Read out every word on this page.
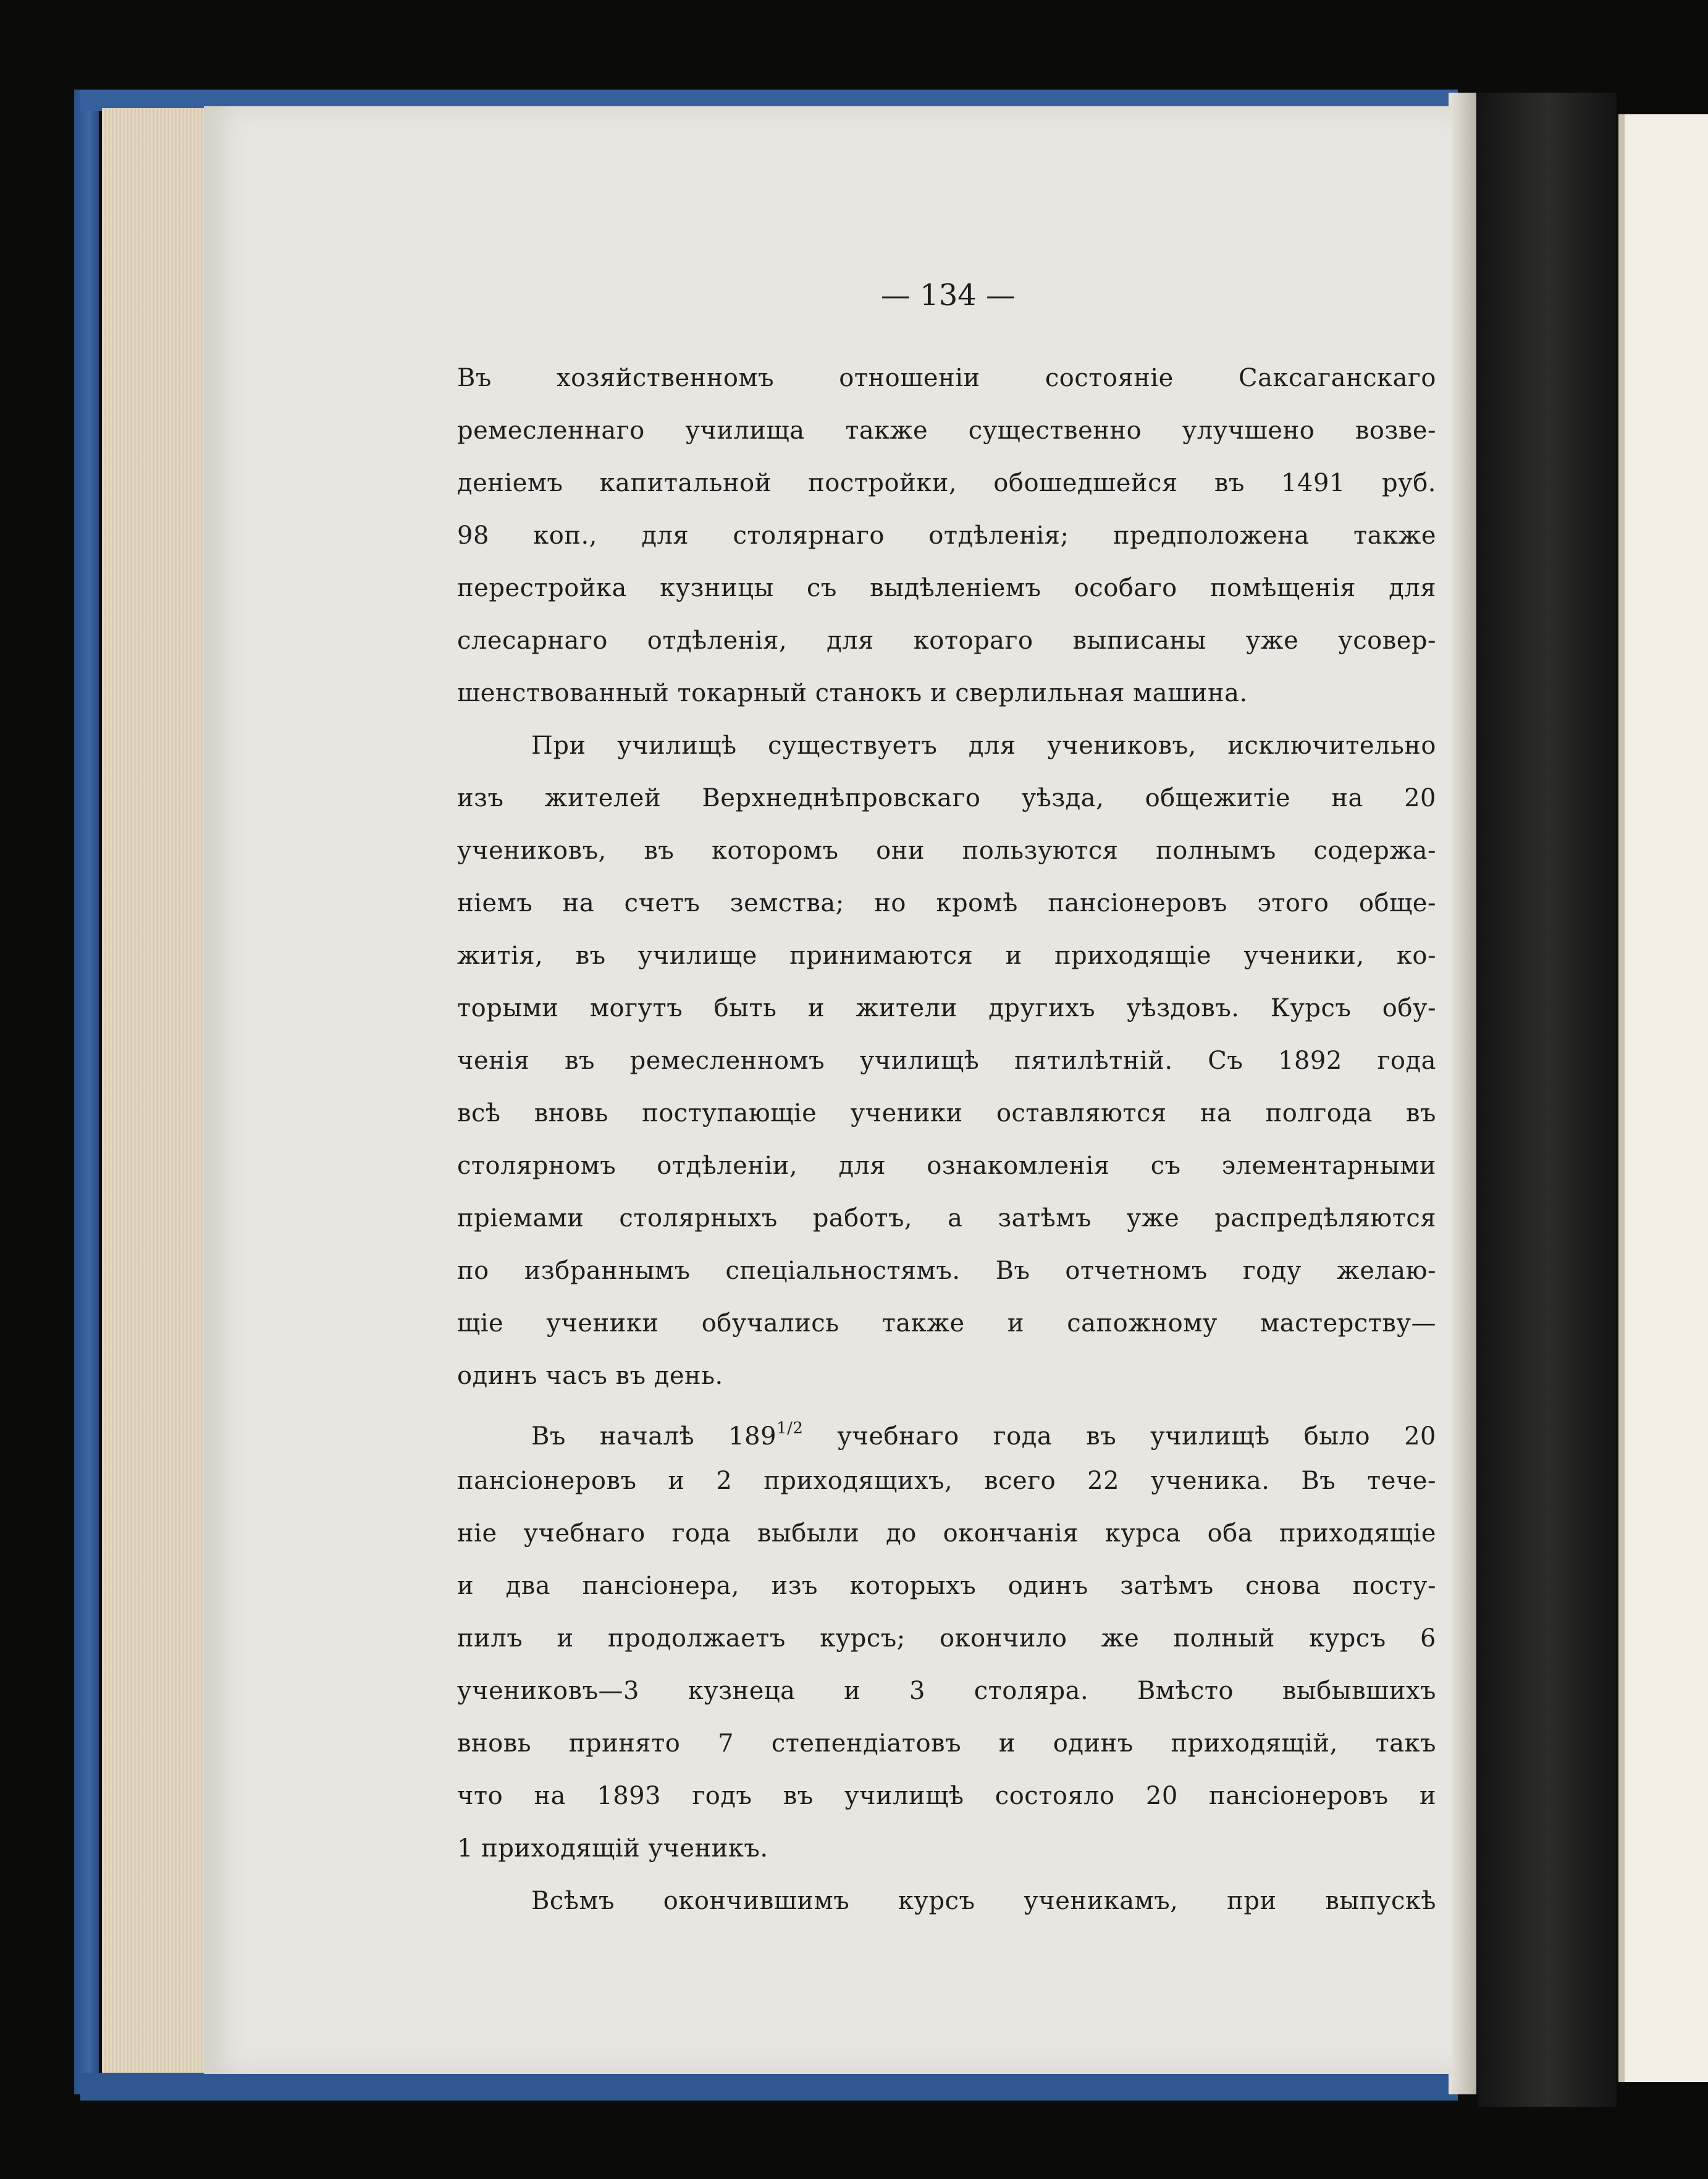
— 134 —
Въ хозяйственномъ отношеніи состояніе Саксаганскаго
ремесленнаго училища также существенно улучшено возве-
деніемъ капитальной постройки, обошедшейся въ 1491 руб.
98 коп., для столярнаго отдѣленія; предположена также
перестройка кузницы съ выдѣленіемъ особаго помѣщенія для
слесарнаго отдѣленія, для котораго выписаны уже усовер-
шенствованный токарный станокъ и сверлильная машина.
При училищѣ существуетъ для учениковъ, исключительно
изъ жителей Верхнеднѣпровскаго уѣзда, общежитіе на 20
учениковъ, въ которомъ они пользуются полнымъ содержа-
ніемъ на счетъ земства; но кромѣ пансіонеровъ этого обще-
житія, въ училище принимаются и приходящіе ученики, ко-
торыми могутъ быть и жители другихъ уѣздовъ. Курсъ обу-
ченія въ ремесленномъ училищѣ пятилѣтній. Съ 1892 года
всѣ вновь поступающіе ученики оставляются на полгода въ
столярномъ отдѣленіи, для ознакомленія съ элементарными
пріемами столярныхъ работъ, а затѣмъ уже распредѣляются
по избраннымъ спеціальностямъ. Въ отчетномъ году желаю-
щіе ученики обучались также и сапожному мастерству—
одинъ часъ въ день.
Въ началѣ $189^{1/2}$ учебнаго года въ училищѣ было 20
пансіонеровъ и 2 приходящихъ, всего 22 ученика. Въ тече-
ніе учебнаго года выбыли до окончанія курса оба приходящіе
и два пансіонера, изъ которыхъ одинъ затѣмъ снова посту-
пилъ и продолжаетъ курсъ; окончило же полный курсъ 6
учениковъ—3 кузнеца и 3 столяра. Вмѣсто выбывшихъ
вновь принято 7 степендіатовъ и одинъ приходящій, такъ
что на 1893 годъ въ училищѣ состояло 20 пансіонеровъ и
1 приходящій ученикъ.
Всѣмъ окончившимъ курсъ ученикамъ, при выпускѣ
